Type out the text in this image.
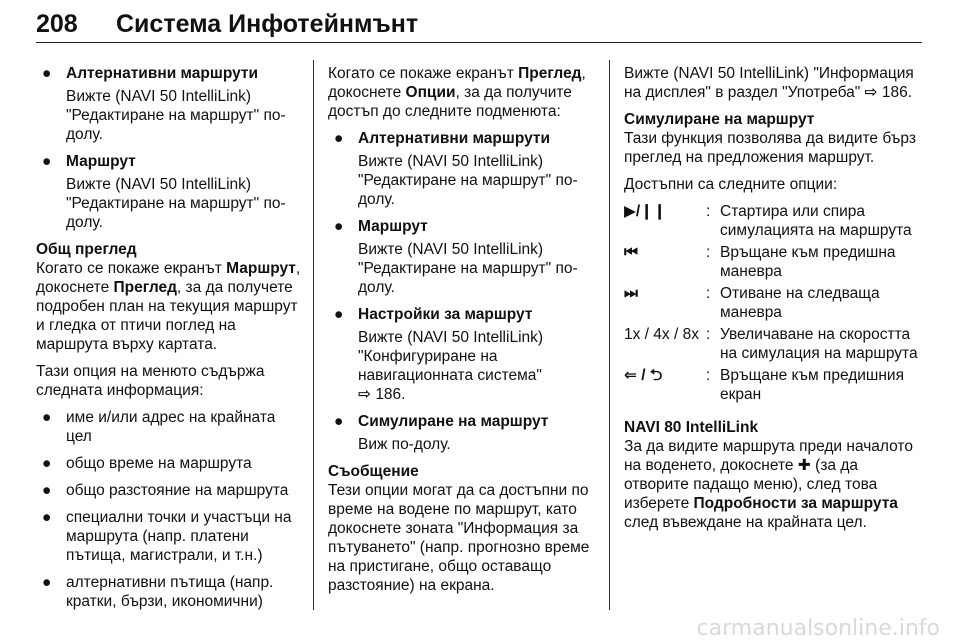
208 Система Инфотейнмънт
● Алтернативни маршрути
Вижте (NAVI 50 IntelliLink) "Редактиране на маршрут" по-долу.
● Маршрут
Вижте (NAVI 50 IntelliLink) "Редактиране на маршрут" по-долу.

Общ преглед

Когато се покаже екранът Маршрут, докоснете Преглед, за да получете подробен план на текущия маршрут и гледка от птичи поглед на маршрута върху картата.

Тази опция на менюто съдържа следната информация:

● име и/или адрес на крайната цел
● общо време на маршрута
● общо разстояние на маршрута
● специални точки и участъци на маршрута (напр. платени пътища, магистрали, и т.н.)
● алтернативни пътища (напр. кратки, бързи, икономични)

Когато се покаже екранът Преглед, докоснете Опции, за да получите достъп до следните подменюта:

● Алтернативни маршрути
Вижте (NAVI 50 IntelliLink) "Редактиране на маршрут" по-долу.
● Маршрут
Вижте (NAVI 50 IntelliLink) "Редактиране на маршрут" по-долу.
● Настройки за маршрут
Вижте (NAVI 50 IntelliLink) "Конфигуриране на навигационната система"
⇨ 186.
● Симулиране на маршрут
Виж по-долу.

Съобщение

Тези опции могат да са достъпни по време на водене по маршрут, като докоснете зоната "Информация за пътуването" (напр. прогнозно време на пристигане, общо оставащо разстояние) на екрана.

Вижте (NAVI 50 IntelliLink) "Информация на дисплея" в раздел "Употреба" ⇨ 186.

Симулиране на маршрут

Тази функция позволява да видите бърз преглед на предложения маршрут.

Достъпни са следните опции:

▶/❙❙	: Стартира или спира симулацията на маршрута
⏮	: Връщане към предишна маневра
⏭	: Отиване на следваща маневра
1x / 4x / 8x : Увеличаване на скоростта на симулация на маршрута
⇐ / ⮌	: Връщане към предишния екран

NAVI 80 IntelliLink

За да видите маршрута преди началото на воденето, докоснете ✚ (за да отворите падащо меню), след това изберете Подробности за маршрута след въвеждане на крайната цел.

carmanualsonline.info
